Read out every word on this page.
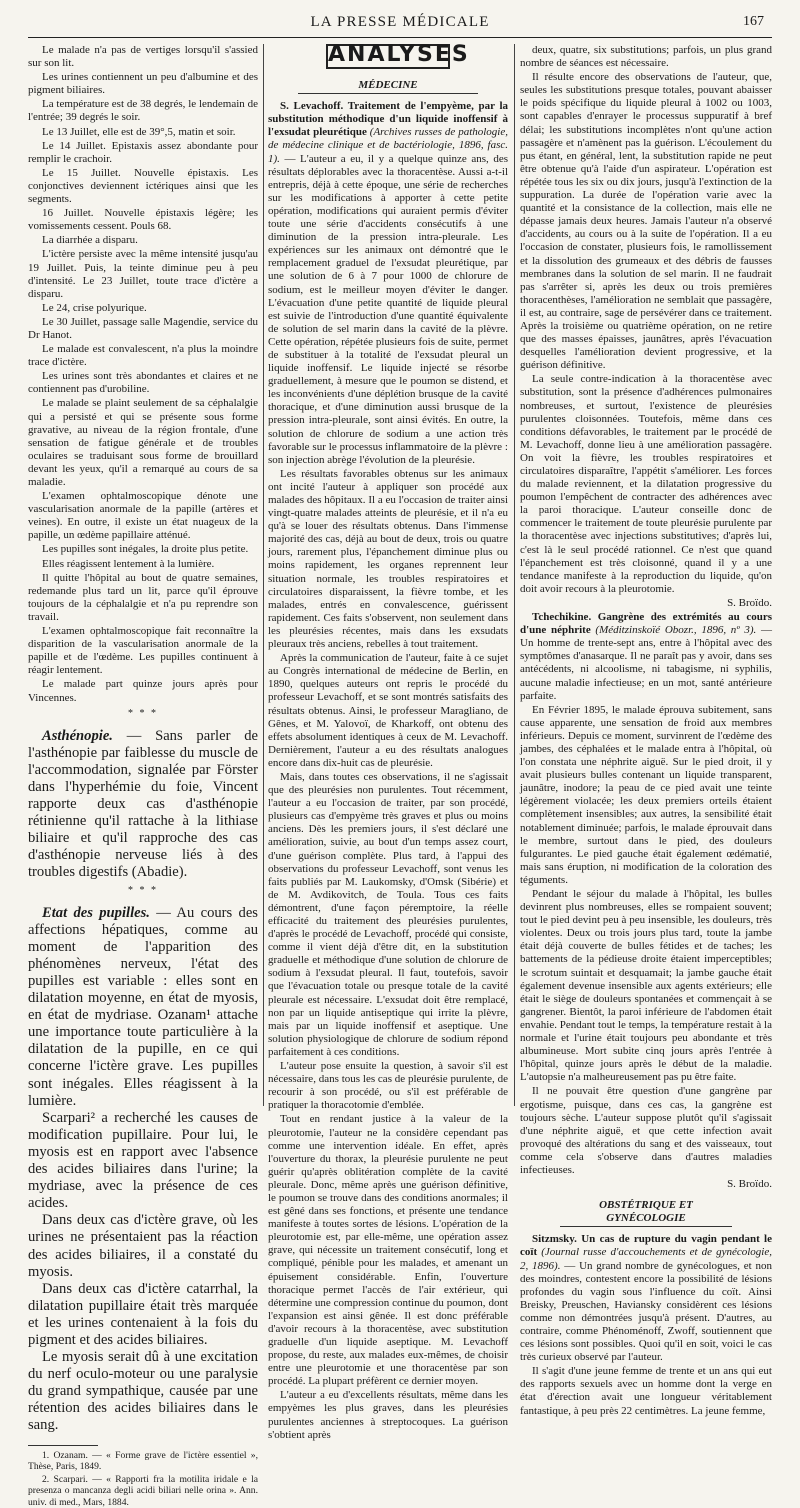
LA PRESSE MÉDICALE	167

Le malade n'a pas de vertiges lorsqu'il s'assied sur son lit.

Les urines contiennent un peu d'albumine et des pigment biliaires.

La température est de 38 degrés, le lendemain de l'entrée; 39 degrés le soir.

Le 13 Juillet, elle est de 39°,5, matin et soir.

Le 14 Juillet. Epistaxis assez abondante pour remplir le crachoir.

Le 15 Juillet. Nouvelle épistaxis. Les conjonctives deviennent ictériques ainsi que les segments.

16 Juillet. Nouvelle épistaxis légère; les vomissements cessent. Pouls 68.

La diarrhée a disparu.

L'ictère persiste avec la même intensité jusqu'au 19 Juillet. Puis, la teinte diminue peu à peu d'intensité. Le 23 Juillet, toute trace d'ictère a disparu.

Le 24, crise polyurique.

Le 30 Juillet, passage salle Magendie, service du Dr Hanot.

Le malade est convalescent, n'a plus la moindre trace d'ictère.

Les urines sont très abondantes et claires et ne contiennent pas d'urobiline.

Le malade se plaint seulement de sa céphalalgie qui a persisté et qui se présente sous forme gravative, au niveau de la région frontale, d'une sensation de fatigue générale et de troubles oculaires se traduisant sous forme de brouillard devant les yeux, qu'il a remarqué au cours de sa maladie.

L'examen ophtalmoscopique dénote une vascularisation anormale de la papille (artères et veines). En outre, il existe un état nuageux de la papille, un œdème papillaire atténué.

Les pupilles sont inégales, la droite plus petite.

Elles réagissent lentement à la lumière.

Il quitte l'hôpital au bout de quatre semaines, redemande plus tard un lit, parce qu'il éprouve toujours de la céphalalgie et n'a pu reprendre son travail.

L'examen ophtalmoscopique fait reconnaître la disparition de la vascularisation anormale de la papille et de l'œdème. Les pupilles continuent à réagir lentement.

Le malade part quinze jours après pour Vincennes.

* * *

Asthénopie. — Sans parler de l'asthénopie par faiblesse du muscle de l'accommodation, signalée par Förster dans l'hyperhémie du foie, Vincent rapporte deux cas d'asthénopie rétinienne qu'il rattache à la lithiase biliaire et qu'il rapproche des cas d'asthénopie nerveuse liés à des troubles digestifs (Abadie).

* * *

Etat des pupilles. — Au cours des affections hépatiques, comme au moment de l'apparition des phénomènes nerveux, l'état des pupilles est variable : elles sont en dilatation moyenne, en état de myosis, en état de mydriase. Ozanam¹ attache une importance toute particulière à la dilatation de la pupille, en ce qui concerne l'ictère grave. Les pupilles sont inégales. Elles réagissent à la lumière.

Scarpari² a recherché les causes de modification pupillaire. Pour lui, le myosis est en rapport avec l'absence des acides biliaires dans l'urine; la mydriase, avec la présence de ces acides.

Dans deux cas d'ictère grave, où les urines ne présentaient pas la réaction des acides biliaires, il a constaté du myosis.

Dans deux cas d'ictère catarrhal, la dilatation pupillaire était très marquée et les urines contenaient à la fois du pigment et des acides biliaires.

Le myosis serait dû à une excitation du nerf oculo-moteur ou une paralysie du grand sympathique, causée par une rétention des acides biliaires dans le sang.

1. Ozanam. — « Forme grave de l'ictère essentiel », Thèse, Paris, 1849.

2. Scarpari. — « Rapporti fra la motilita iridale e la presenza o mancanza degli acidi biliari nelle orina ». Ann. univ. di med., Mars, 1884.

ANALYSES
MÉDECINE

S. Levachoff. Traitement de l'empyème, par la substitution méthodique d'un liquide inoffensif à l'exsudat pleurétique (Archives russes de pathologie, de médecine clinique et de bactériologie, 1896, fasc. 1). — L'auteur a eu, il y a quelque quinze ans, des résultats déplorables avec la thoracentèse. Aussi a-t-il entrepris, déjà à cette époque, une série de recherches sur les modifications à apporter à cette petite opération, modifications qui auraient permis d'éviter toute une série d'accidents consécutifs à une diminution de la pression intra-pleurale. Les expériences sur les animaux ont démontré que le remplacement graduel de l'exsudat pleurétique, par une solution de 6 à 7 pour 1000 de chlorure de sodium, est le meilleur moyen d'éviter le danger. L'évacuation d'une petite quantité de liquide pleural est suivie de l'introduction d'une quantité équivalente de solution de sel marin dans la cavité de la plèvre. Cette opération, répétée plusieurs fois de suite, permet de substituer à la totalité de l'exsudat pleural un liquide inoffensif. Le liquide injecté se résorbe graduellement, à mesure que le poumon se distend, et les inconvénients d'une déplétion brusque de la cavité thoracique, et d'une diminution aussi brusque de la pression intra-pleurale, sont ainsi évités. En outre, la solution de chlorure de sodium a une action très favorable sur le processus inflammatoire de la plèvre : son injection abrège l'évolution de la pleurésie.

Les résultats favorables obtenus sur les animaux ont incité l'auteur à appliquer son procédé aux malades des hôpitaux. Il a eu l'occasion de traiter ainsi vingt-quatre malades atteints de pleurésie, et il n'a eu qu'à se louer des résultats obtenus. Dans l'immense majorité des cas, déjà au bout de deux, trois ou quatre jours, rarement plus, l'épanchement diminue plus ou moins rapidement, les organes reprennent leur situation normale, les troubles respiratoires et circulatoires disparaissent, la fièvre tombe, et les malades, entrés en convalescence, guérissent rapidement. Ces faits s'observent, non seulement dans les pleurésies récentes, mais dans les exsudats pleuraux très anciens, rebelles à tout traitement.

Après la communication de l'auteur, faite à ce sujet au Congrès international de médecine de Berlin, en 1890, quelques auteurs ont repris le procédé du professeur Levachoff, et se sont montrés satisfaits des résultats obtenus. Ainsi, le professeur Maragliano, de Gênes, et M. Yalovoï, de Kharkoff, ont obtenu des effets absolument identiques à ceux de M. Levachoff. Dernièrement, l'auteur a eu des résultats analogues encore dans dix-huit cas de pleurésie.

Mais, dans toutes ces observations, il ne s'agissait que des pleurésies non purulentes. Tout récemment, l'auteur a eu l'occasion de traiter, par son procédé, plusieurs cas d'empyème très graves et plus ou moins anciens. Dès les premiers jours, il s'est déclaré une amélioration, suivie, au bout d'un temps assez court, d'une guérison complète. Plus tard, à l'appui des observations du professeur Levachoff, sont venus les faits publiés par M. Laukomsky, d'Omsk (Sibérie) et de M. Avdikovitch, de Toula. Tous ces faits démontrent, d'une façon péremptoire, la réelle efficacité du traitement des pleurésies purulentes, d'après le procédé de Levachoff, procédé qui consiste, comme il vient déjà d'être dit, en la substitution graduelle et méthodique d'une solution de chlorure de sodium à l'exsudat pleural. Il faut, toutefois, savoir que l'évacuation totale ou presque totale de la cavité pleurale est nécessaire. L'exsudat doit être remplacé, non par un liquide antiseptique qui irrite la plèvre, mais par un liquide inoffensif et aseptique. Une solution physiologique de chlorure de sodium répond parfaitement à ces conditions.

L'auteur pose ensuite la question, à savoir s'il est nécessaire, dans tous les cas de pleurésie purulente, de recourir à son procédé, ou s'il est préférable de pratiquer la thoracotomie d'emblée.

Tout en rendant justice à la valeur de la pleurotomie, l'auteur ne la considère cependant pas comme une intervention idéale. En effet, après l'ouverture du thorax, la pleurésie purulente ne peut guérir qu'après oblitération complète de la cavité pleurale. Donc, même après une guérison définitive, le poumon se trouve dans des conditions anormales; il est gêné dans ses fonctions, et présente une tendance manifeste à toutes sortes de lésions. L'opération de la pleurotomie est, par elle-même, une opération assez grave, qui nécessite un traitement consécutif, long et compliqué, pénible pour les malades, et amenant un épuisement considérable. Enfin, l'ouverture thoracique permet l'accès de l'air extérieur, qui détermine une compression continue du poumon, dont l'expansion est ainsi gênée. Il est donc préférable d'avoir recours à la thoracentèse, avec substitution graduelle d'un liquide aseptique. M. Levachoff propose, du reste, aux malades eux-mêmes, de choisir entre une pleurotomie et une thoracentèse par son procédé. La plupart préfèrent ce dernier moyen.

L'auteur a eu d'excellents résultats, même dans les empyèmes les plus graves, dans les pleurésies purulentes anciennes à streptocoques. La guérison s'obtient après

deux, quatre, six substitutions; parfois, un plus grand nombre de séances est nécessaire.

Il résulte encore des observations de l'auteur, que, seules les substitutions presque totales, pouvant abaisser le poids spécifique du liquide pleural à 1002 ou 1003, sont capables d'enrayer le processus suppuratif à bref délai; les substitutions incomplètes n'ont qu'une action passagère et n'amènent pas la guérison. L'écoulement du pus étant, en général, lent, la substitution rapide ne peut être obtenue qu'à l'aide d'un aspirateur. L'opération est répétée tous les six ou dix jours, jusqu'à l'extinction de la suppuration. La durée de l'opération varie avec la quantité et la consistance de la collection, mais elle ne dépasse jamais deux heures. Jamais l'auteur n'a observé d'accidents, au cours ou à la suite de l'opération. Il a eu l'occasion de constater, plusieurs fois, le ramollissement et la dissolution des grumeaux et des débris de fausses membranes dans la solution de sel marin. Il ne faudrait pas s'arrêter si, après les deux ou trois premières thoracenthèses, l'amélioration ne semblait que passagère, il est, au contraire, sage de persévérer dans ce traitement. Après la troisième ou quatrième opération, on ne retire que des masses épaisses, jaunâtres, après l'évacuation desquelles l'amélioration devient progressive, et la guérison définitive.

La seule contre-indication à la thoracentèse avec substitution, sont la présence d'adhérences pulmonaires nombreuses, et surtout, l'existence de pleurésies purulentes cloisonnées. Toutefois, même dans ces conditions défavorables, le traitement par le procédé de M. Levachoff, donne lieu à une amélioration passagère. On voit la fièvre, les troubles respiratoires et circulatoires disparaître, l'appétit s'améliorer. Les forces du malade reviennent, et la dilatation progressive du poumon l'empêchent de contracter des adhérences avec la paroi thoracique. L'auteur conseille donc de commencer le traitement de toute pleurésie purulente par la thoracentèse avec injections substitutives; d'après lui, c'est là le seul procédé rationnel. Ce n'est que quand l'épanchement est très cloisonné, quand il y a une tendance manifeste à la reproduction du liquide, qu'on doit avoir recours à la pleurotomie.

S. Broïdo.

Tchechikine. Gangrène des extrémités au cours d'une néphrite (Méditzinskoïé Obozr., 1896, nº 3). — Un homme de trente-sept ans, entre à l'hôpital avec des symptômes d'anasarque. Il ne paraît pas y avoir, dans ses antécédents, ni alcoolisme, ni tabagisme, ni syphilis, aucune maladie infectieuse; en un mot, santé antérieure parfaite.

En Février 1895, le malade éprouva subitement, sans cause apparente, une sensation de froid aux membres inférieurs. Depuis ce moment, survinrent de l'œdème des jambes, des céphalées et le malade entra à l'hôpital, où l'on constata une néphrite aiguë. Sur le pied droit, il y avait plusieurs bulles contenant un liquide transparent, jaunâtre, inodore; la peau de ce pied avait une teinte légèrement violacée; les deux premiers orteils étaient complètement insensibles; aux autres, la sensibilité était notablement diminuée; parfois, le malade éprouvait dans le membre, surtout dans le pied, des douleurs fulgurantes. Le pied gauche était également œdématié, mais sans éruption, ni modification de la coloration des téguments.

Pendant le séjour du malade à l'hôpital, les bulles devinrent plus nombreuses, elles se rompaient souvent; tout le pied devint peu à peu insensible, les douleurs, très violentes. Deux ou trois jours plus tard, toute la jambe était déjà couverte de bulles fétides et de taches; les battements de la pédieuse droite étaient imperceptibles; le scrotum suintait et desquamait; la jambe gauche était également devenue insensible aux agents extérieurs; elle était le siège de douleurs spontanées et commençait à se gangrener. Bientôt, la paroi inférieure de l'abdomen était envahie. Pendant tout le temps, la température restait à la normale et l'urine était toujours peu abondante et très albumineuse. Mort subite cinq jours après l'entrée à l'hôpital, quinze jours après le début de la maladie. L'autopsie n'a malheureusement pas pu être faite.

Il ne pouvait être question d'une gangrène par ergotisme, puisque, dans ces cas, la gangrène est toujours sèche. L'auteur suppose plutôt qu'il s'agissait d'une néphrite aiguë, et que cette infection avait provoqué des altérations du sang et des vaisseaux, tout comme cela s'observe dans d'autres maladies infectieuses.

S. Broïdo.

OBSTÉTRIQUE ET GYNÉCOLOGIE

Sitzmsky. Un cas de rupture du vagin pendant le coït (Journal russe d'accouchements et de gynécologie, 2, 1896). — Un grand nombre de gynécologues, et non des moindres, contestent encore la possibilité de lésions profondes du vagin sous l'influence du coït. Ainsi Breisky, Preuschen, Haviansky considèrent ces lésions comme non démontrées jusqu'à présent. D'autres, au contraire, comme Phénoménoff, Zwoff, soutiennent que ces lésions sont possibles. Quoi qu'il en soit, voici le cas très curieux observé par l'auteur.

Il s'agit d'une jeune femme de trente et un ans qui eut des rapports sexuels avec un homme dont la verge en état d'érection avait une longueur véritablement fantastique, à peu près 22 centimètres. La jeune femme,
